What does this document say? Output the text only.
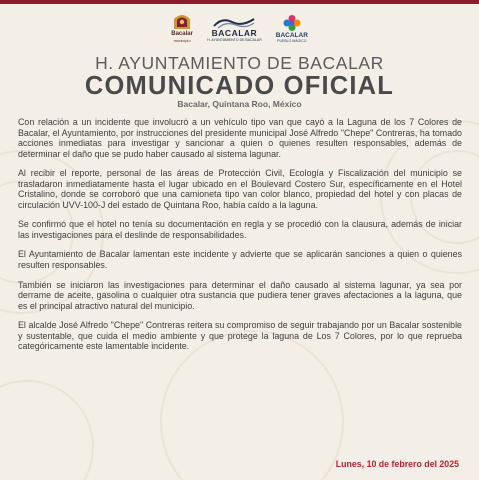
Bacalar
municipio
BACALAR
H. AYUNTAMIENTO DE BACALAR
BACALAR
PUEBLO MÁGICO
H. AYUNTAMIENTO DE BACALAR
COMUNICADO OFICIAL
Bacalar, Quintana Roo, México

Con relación a un incidente que involucró a un vehículo tipo van que cayó a la Laguna de los 7 Colores de Bacalar, el Ayuntamiento, por instrucciones del presidente municipal José Alfredo "Chepe" Contreras, ha tomado acciones inmediatas para investigar y sancionar a quien o quienes resulten responsables, además de determinar el daño que se pudo haber causado al sistema lagunar.

Al recibir el reporte, personal de las áreas de Protección Civil, Ecología y Fiscalización del municipio se trasladaron inmediatamente hasta el lugar ubicado en el Boulevard Costero Sur, específicamente en el Hotel Cristalino, donde se corroboró que una camioneta tipo van color blanco, propiedad del hotel y con placas de circulación UVV-100-J del estado de Quintana Roo, había caído a la laguna.

Se confirmó que el hotel no tenía su documentación en regla y se procedió con la clausura, además de iniciar las investigaciones para el deslinde de responsabilidades.

El Ayuntamiento de Bacalar lamentan este incidente y advierte que se aplicarán sanciones a quien o quienes resulten responsables.

También se iniciaron las investigaciones para determinar el daño causado al sistema lagunar, ya sea por derrame de aceite, gasolina o cualquier otra sustancia que pudiera tener graves afectaciones a la laguna, que es el principal atractivo natural del municipio.

El alcalde José Alfredo "Chepe" Contreras reitera su compromiso de seguir trabajando por un Bacalar sostenible y sustentable, que cuida el medio ambiente y que protege la laguna de Los 7 Colores, por lo que reprueba categóricamente este lamentable incidente.

Lunes, 10 de febrero del 2025
